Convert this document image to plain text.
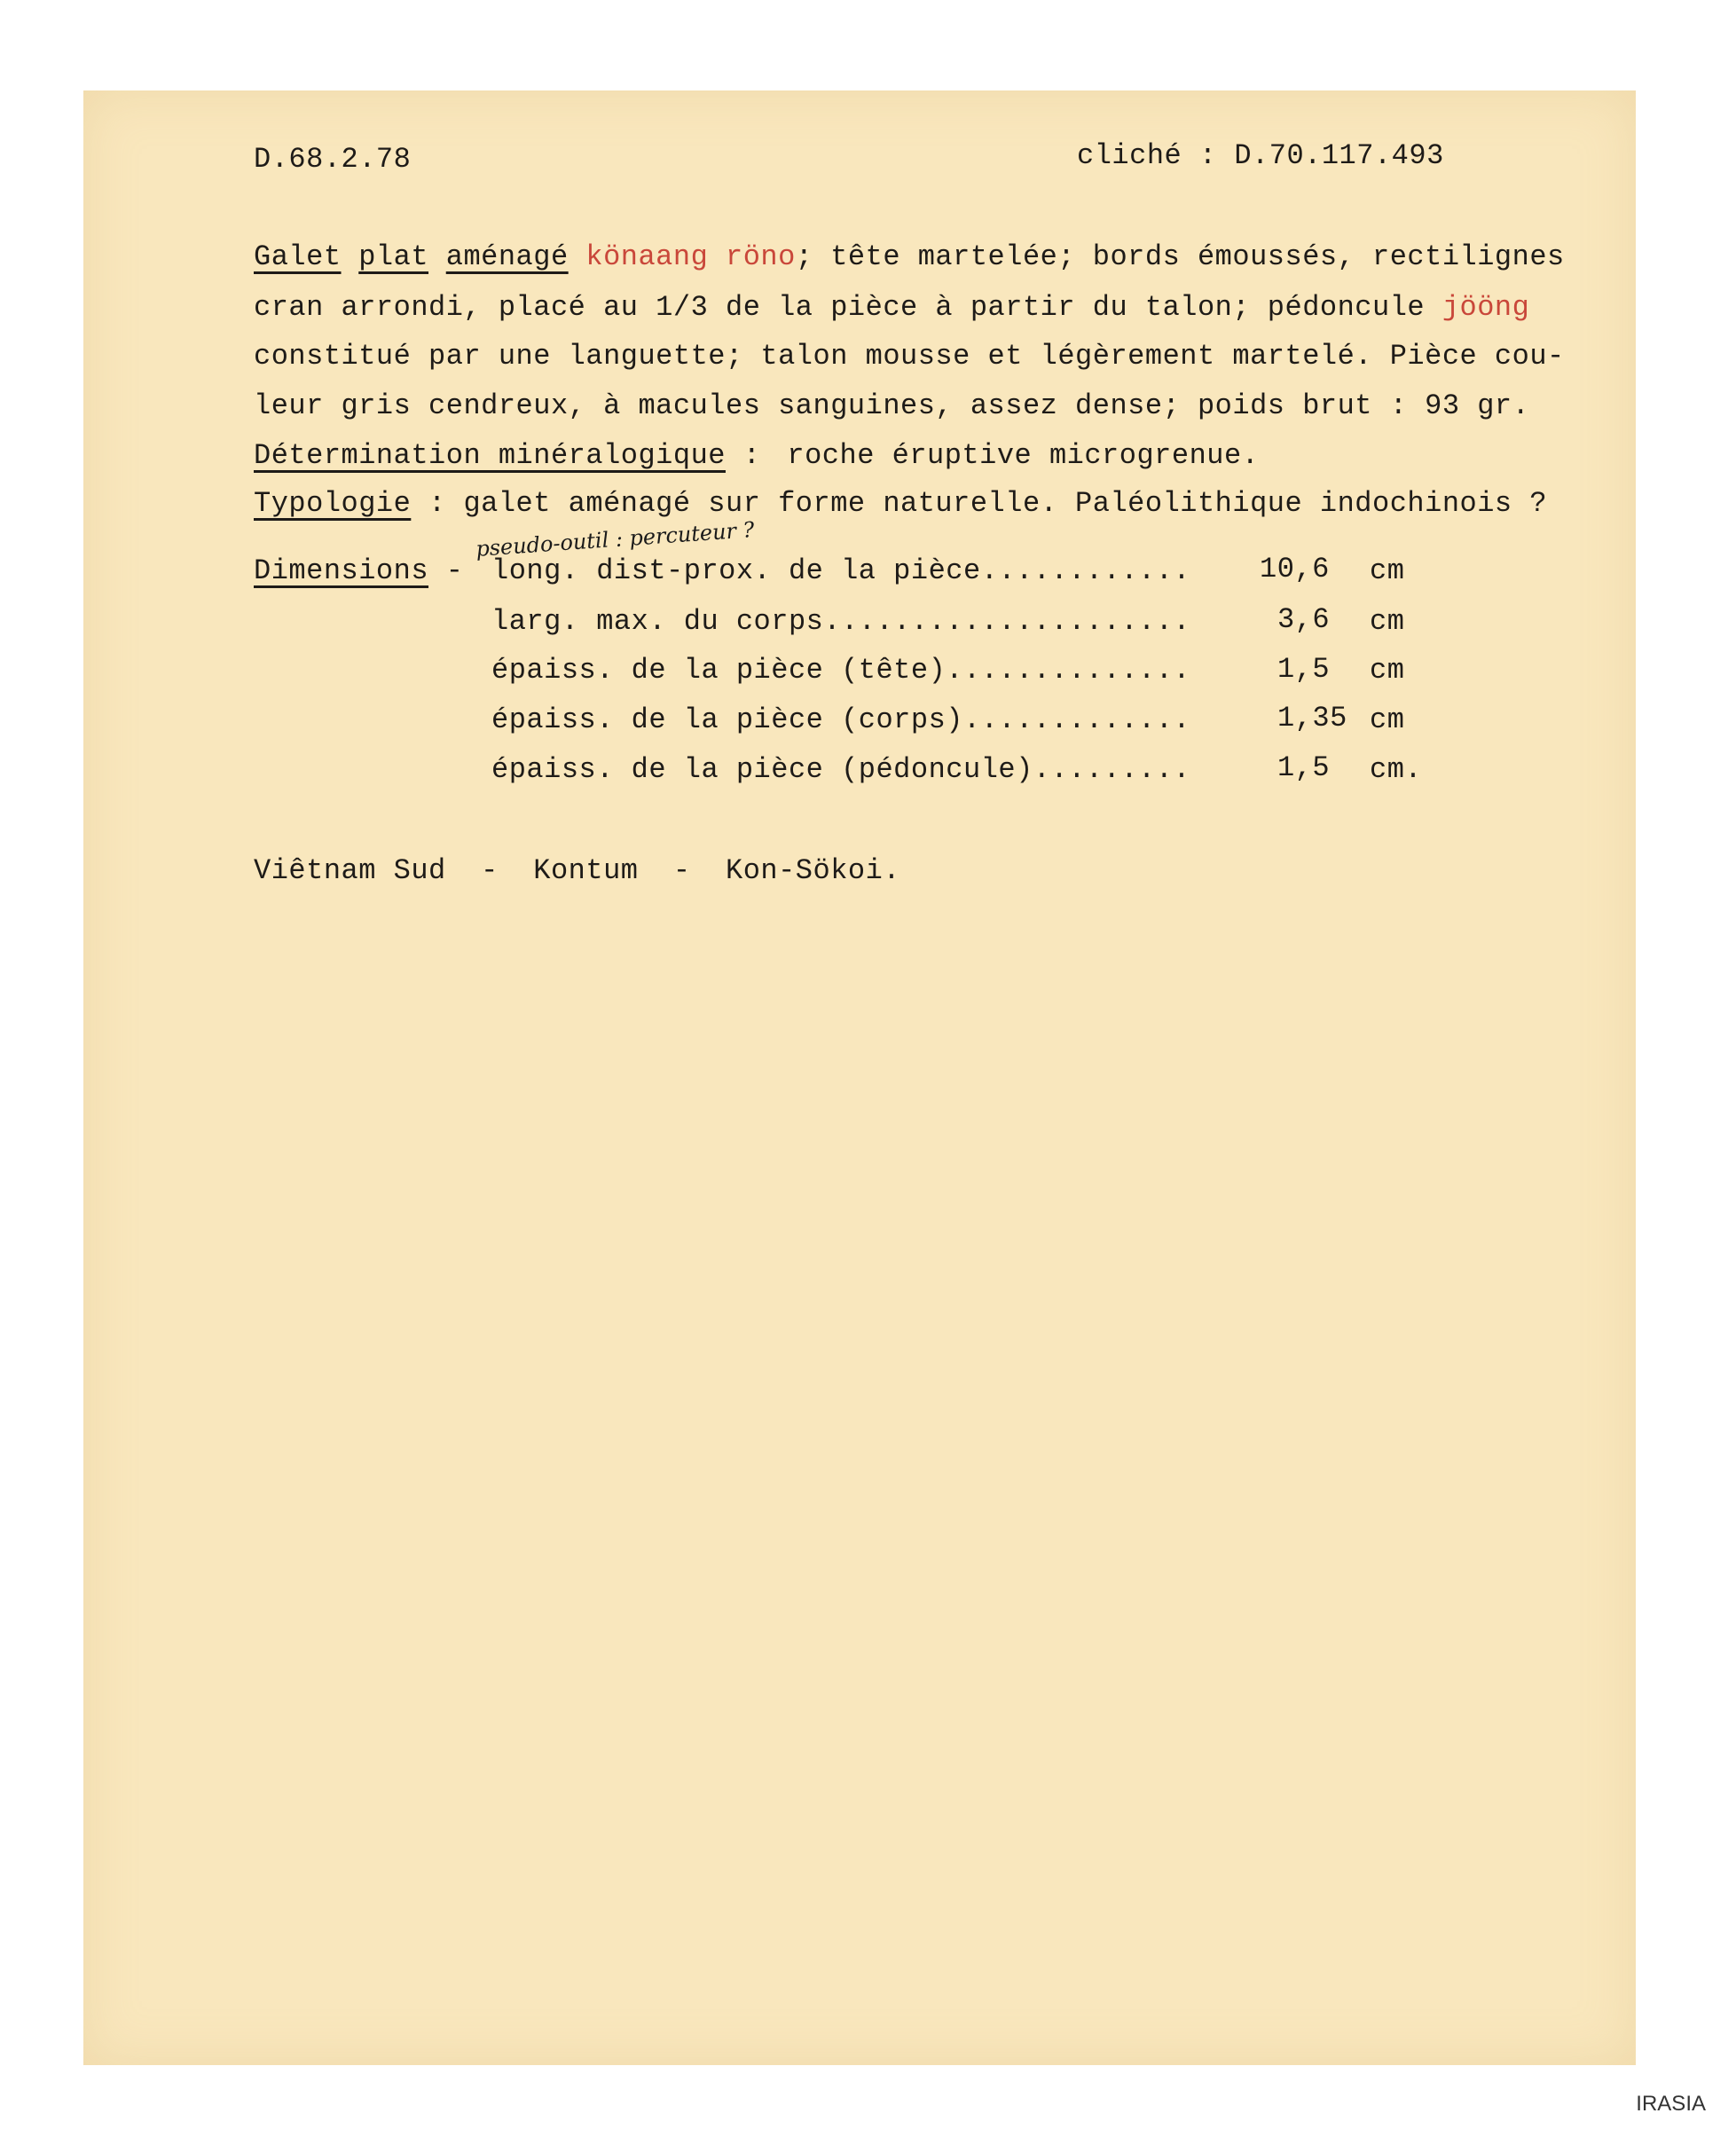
D.68.2.78	cliché : D.70.117.493
Galet plat aménagé könaang röno; tête martelée; bords émoussés, rectilignes
cran arrondi, placé au 1/3 de la pièce à partir du talon; pédoncule jööng
constitué par une languette; talon mousse et légèrement martelé. Pièce cou-
leur gris cendreux, à macules sanguines, assez dense; poids brut : 93 gr.
Détermination minéralogique : roche éruptive microgrenue.
Typologie : galet aménagé sur forme naturelle. Paléolithique indochinois ?
pseudo-outil : percuteur ?
Dimensions - long. dist-prox. de la pièce............ 10,6 cm
larg. max. du corps.....................	3,6 cm
épaiss. de la pièce (tête)..............	1,5 cm
épaiss. de la pièce (corps).............	1,35 cm
épaiss. de la pièce (pédoncule).........	1,5 cm.
Viêtnam Sud  -  Kontum  -  Kon-Sökoi.
IRASIA
